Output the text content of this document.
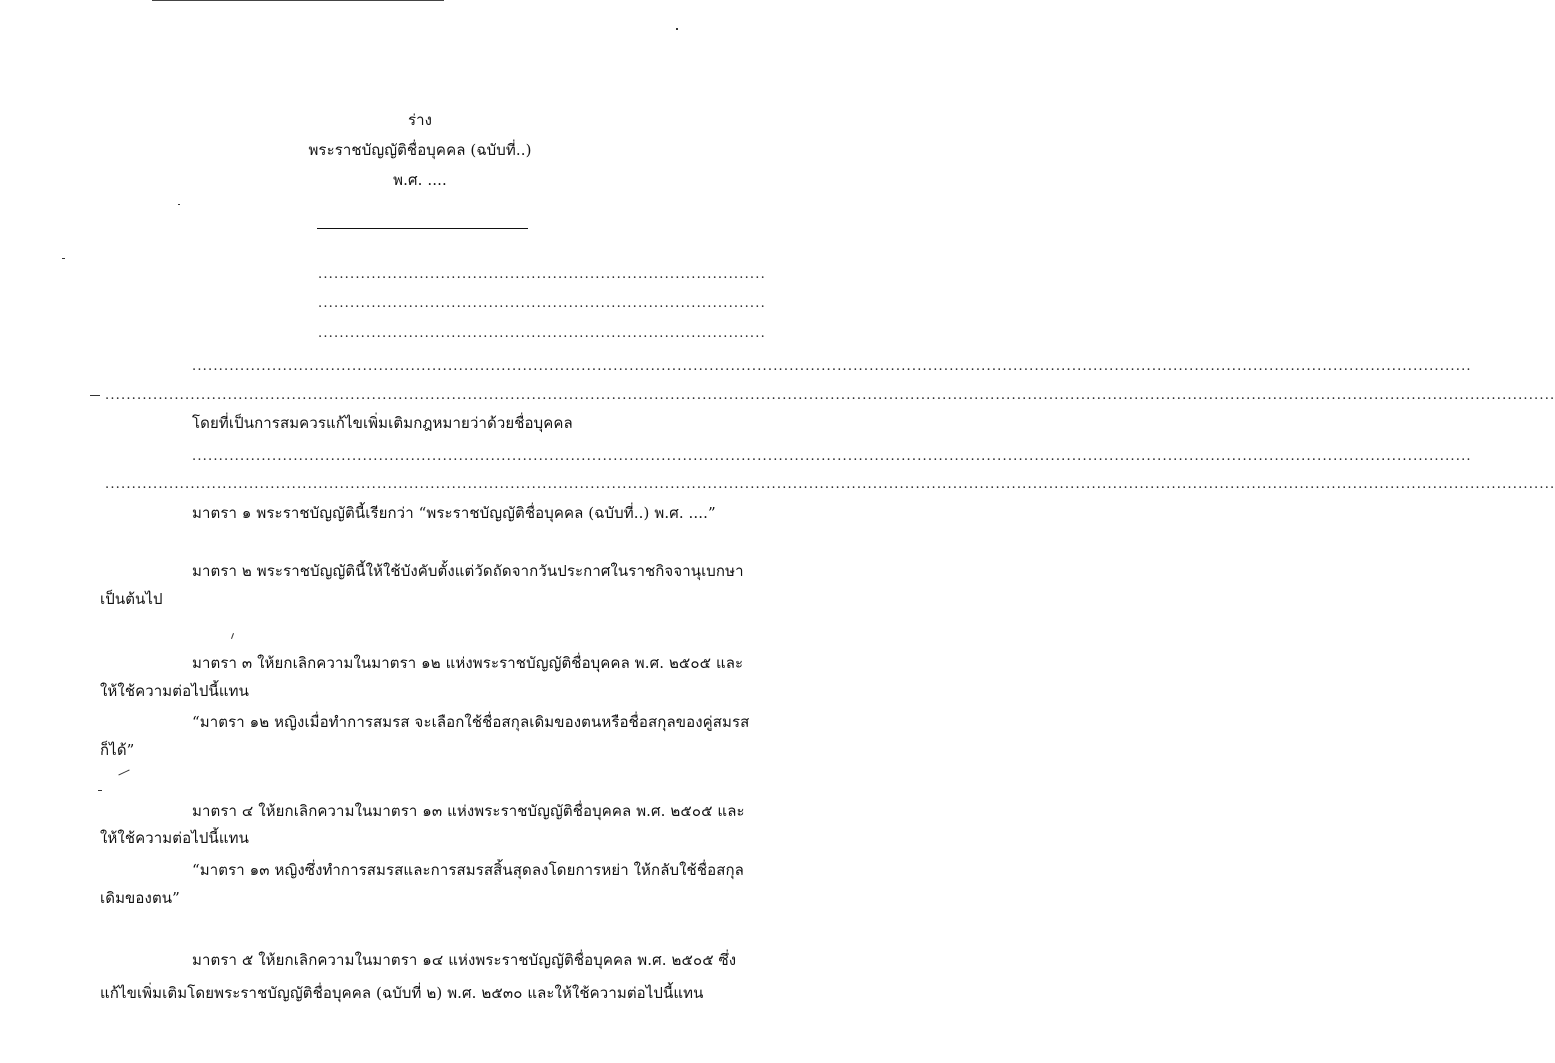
ร่าง
พระราชบัญญัติชื่อบุคคล (ฉบับที่..)
พ.ศ. ....
....................................................................................
....................................................................................
....................................................................................
................................................................................................................................................................................................................................................
................................................................................................................................................................................................................................................................................
โดยที่เป็นการสมควรแก้ไขเพิ่มเติมกฎหมายว่าด้วยชื่อบุคคล
................................................................................................................................................................................................................................................
................................................................................................................................................................................................................................................................................
มาตรา ๑ พระราชบัญญัตินี้เรียกว่า “พระราชบัญญัติชื่อบุคคล (ฉบับที่..) พ.ศ. ....”
มาตรา ๒ พระราชบัญญัตินี้ให้ใช้บังคับตั้งแต่วัดถัดจากวันประกาศในราชกิจจานุเบกษา
เป็นต้นไป
มาตรา ๓ ให้ยกเลิกความในมาตรา ๑๒ แห่งพระราชบัญญัติชื่อบุคคล พ.ศ. ๒๕๐๕ และ
ให้ใช้ความต่อไปนี้แทน
“มาตรา ๑๒ หญิงเมื่อทำการสมรส จะเลือกใช้ชื่อสกุลเดิมของตนหรือชื่อสกุลของคู่สมรส
ก็ได้”
มาตรา ๔ ให้ยกเลิกความในมาตรา ๑๓ แห่งพระราชบัญญัติชื่อบุคคล พ.ศ. ๒๕๐๕ และ
ให้ใช้ความต่อไปนี้แทน
“มาตรา ๑๓ หญิงซึ่งทำการสมรสและการสมรสสิ้นสุดลงโดยการหย่า ให้กลับใช้ชื่อสกุล
เดิมของตน”
มาตรา ๕ ให้ยกเลิกความในมาตรา ๑๔ แห่งพระราชบัญญัติชื่อบุคคล พ.ศ. ๒๕๐๕ ซึ่ง
แก้ไขเพิ่มเติมโดยพระราชบัญญัติชื่อบุคคล (ฉบับที่ ๒) พ.ศ. ๒๕๓๐ และให้ใช้ความต่อไปนี้แทน
